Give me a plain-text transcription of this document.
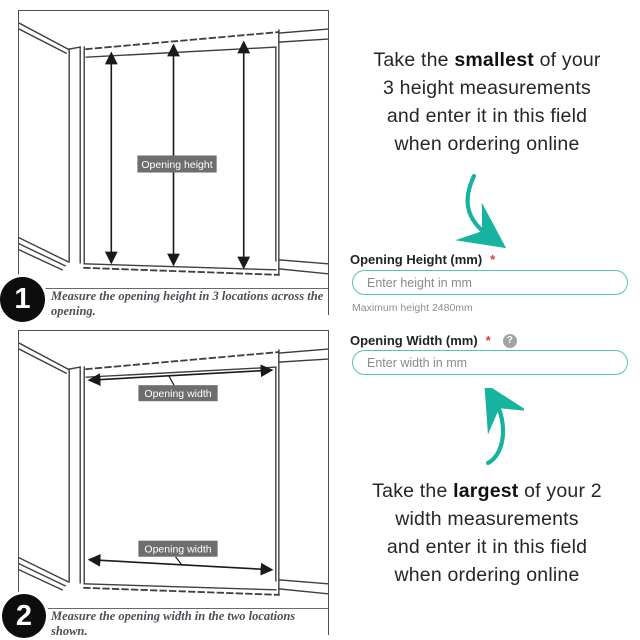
Opening height
Measure the opening height in 3 locations across the opening.
Opening width
Opening width
Measure the opening width in the two locations shown.
1
2
Take the smallest of your
3 height measurements
and enter it in this field
when ordering online
Opening Height (mm) *
Enter height in mm
Maximum height 2480mm
Opening Width (mm) *	?
Enter width in mm
Take the largest of your 2
width measurements
and enter it in this field
when ordering online
